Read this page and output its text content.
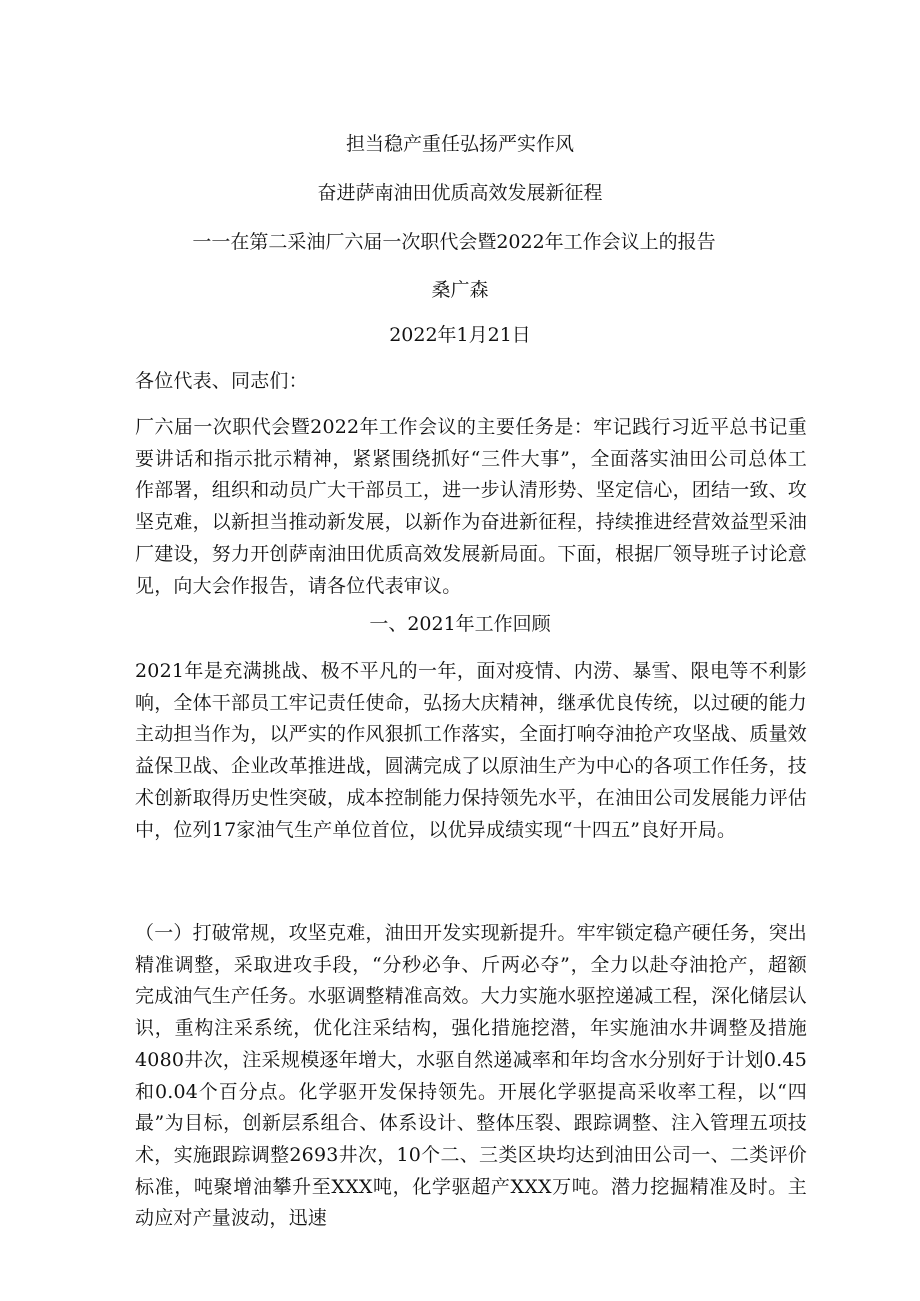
担当稳产重任弘扬严实作风
奋进萨南油田优质高效发展新征程
一一在第二采油厂六届一次职代会暨2022年工作会议上的报告
桑广森
2022年1月21日

各位代表、同志们：

厂六届一次职代会暨2022年工作会议的主要任务是：牢记践行习近平总书记重要讲话和指示批示精神，紧紧围绕抓好“三件大事”，全面落实油田公司总体工作部署，组织和动员广大干部员工，进一步认清形势、坚定信心，团结一致、攻坚克难，以新担当推动新发展，以新作为奋进新征程，持续推进经营效益型采油厂建设，努力开创萨南油田优质高效发展新局面。下面，根据厂领导班子讨论意见，向大会作报告，请各位代表审议。

一、2021年工作回顾

2021年是充满挑战、极不平凡的一年，面对疫情、内涝、暴雪、限电等不利影响，全体干部员工牢记责任使命，弘扬大庆精神，继承优良传统，以过硬的能力主动担当作为，以严实的作风狠抓工作落实，全面打响夺油抢产攻坚战、质量效益保卫战、企业改革推进战，圆满完成了以原油生产为中心的各项工作任务，技术创新取得历史性突破，成本控制能力保持领先水平，在油田公司发展能力评估中，位列17家油气生产单位首位，以优异成绩实现“十四五”良好开局。

（一）打破常规，攻坚克难，油田开发实现新提升。牢牢锁定稳产硬任务，突出精准调整，采取进攻手段，“分秒必争、斤两必夺”，全力以赴夺油抢产，超额完成油气生产任务。水驱调整精准高效。大力实施水驱控递减工程，深化储层认识，重构注采系统，优化注采结构，强化措施挖潜，年实施油水井调整及措施4080井次，注采规模逐年增大，水驱自然递减率和年均含水分别好于计划0.45和0.04个百分点。化学驱开发保持领先。开展化学驱提高采收率工程，以“四最”为目标，创新层系组合、体系设计、整体压裂、跟踪调整、注入管理五项技术，实施跟踪调整2693井次，10个二、三类区块均达到油田公司一、二类评价标准，吨聚增油攀升至XXX吨，化学驱超产XXX万吨。潜力挖掘精准及时。主动应对产量波动，迅速
